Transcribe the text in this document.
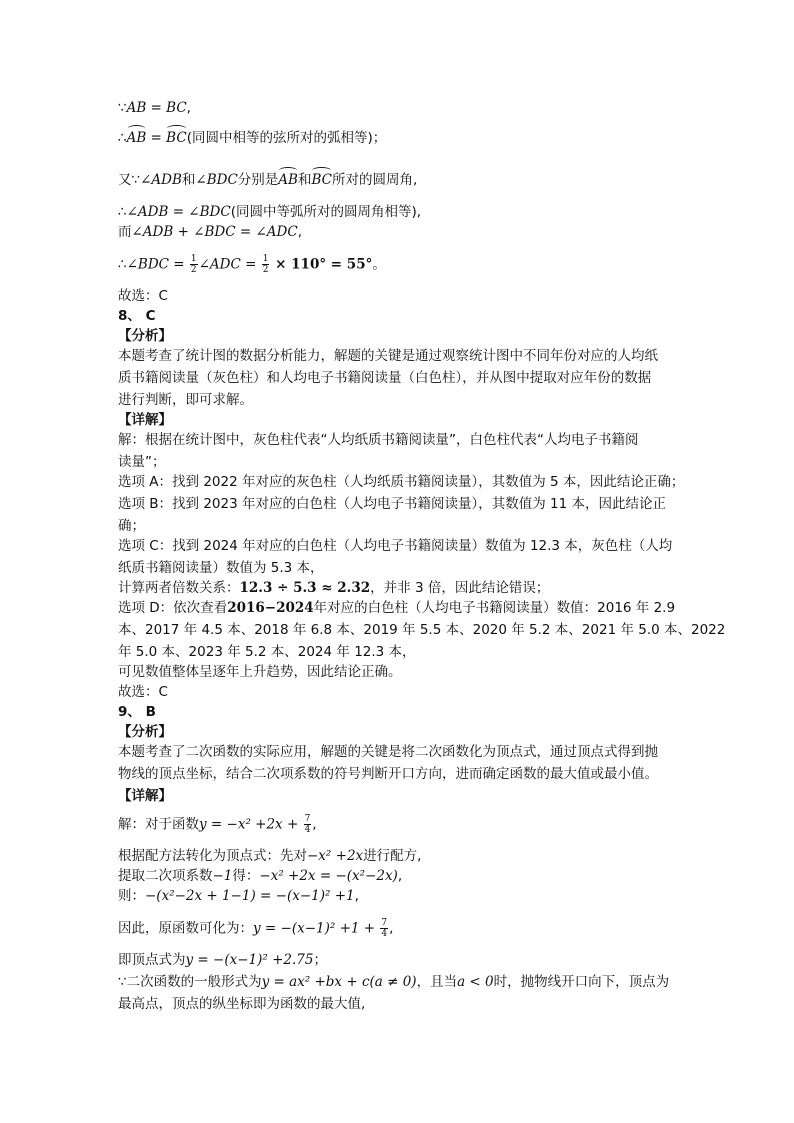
∵AB = BC,
∴AB = BC(同圆中相等的弦所对的弧相等)；
又∵∠ADB和∠BDC分别是AB和BC所对的圆周角,
∴∠ADB = ∠BDC(同圆中等弧所对的圆周角相等),
而∠ADB + ∠BDC = ∠ADC,
∴∠BDC = $\frac{1}{2}$ ∠ADC = $\frac{1}{2} \times 110^\circ = 55^\circ$。
故选：C
8、 C
【分析】
本题考查了统计图的数据分析能力，解题的关键是通过观察统计图中不同年份对应的人均纸
质书籍阅读量（灰色柱）和人均电子书籍阅读量（白色柱），并从图中提取对应年份的数据
进行判断，即可求解。
【详解】
解：根据在统计图中，灰色柱代表“人均纸质书籍阅读量”，白色柱代表“人均电子书籍阅
读量”；
选项 A：找到 2022 年对应的灰色柱（人均纸质书籍阅读量），其数值为 5 本，因此结论正确；
选项 B：找到 2023 年对应的白色柱（人均电子书籍阅读量），其数值为 11 本，因此结论正
确；
选项 C：找到 2024 年对应的白色柱（人均电子书籍阅读量）数值为 12.3 本，灰色柱（人均
纸质书籍阅读量）数值为 5.3 本，
计算两者倍数关系：12.3 ÷ 5.3 ≈ 2.32，并非 3 倍，因此结论错误；
选项 D：依次查看2016−2024年对应的白色柱（人均电子书籍阅读量）数值：2016 年 2.9
本、2017 年 4.5 本、2018 年 6.8 本、2019 年 5.5 本、2020 年 5.2 本、2021 年 5.0 本、2022
年 5.0 本、2023 年 5.2 本、2024 年 12.3 本，
可见数值整体呈逐年上升趋势，因此结论正确。
故选：C
9、 B
【分析】
本题考查了二次函数的实际应用，解题的关键是将二次函数化为顶点式，通过顶点式得到抛
物线的顶点坐标，结合二次项系数的符号判断开口方向，进而确定函数的最大值或最小值。
【详解】
解：对于函数$y = -x^2 +2x + \frac{7}{4}$ ,
根据配方法转化为顶点式：先对−x² +2x进行配方,
提取二次项系数−1得：−x² +2x = −(x²−2x),
则：−(x²−2x + 1−1) = −(x−1)² +1,
因此，原函数可化为：$y = -(x-1)^2 +1 + \frac{7}{4}$ ,
即顶点式为y = −(x−1)² +2.75；
∵二次函数的一般形式为y = ax² +bx + c(a ≠ 0)，且当a < 0时，抛物线开口向下，顶点为
最高点，顶点的纵坐标即为函数的最大值,
